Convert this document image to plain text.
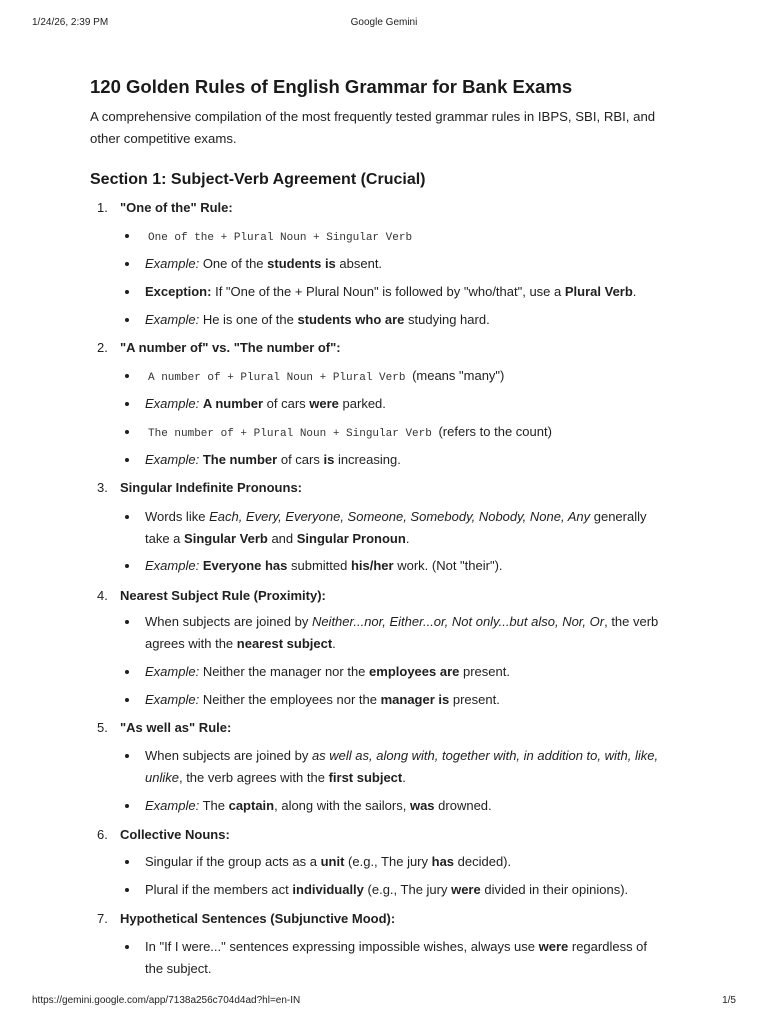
1/24/26, 2:39 PM	Google Gemini
120 Golden Rules of English Grammar for Bank Exams

A comprehensive compilation of the most frequently tested grammar rules in IBPS, SBI, RBI, and other competitive exams.

Section 1: Subject-Verb Agreement (Crucial)
1. "One of the" Rule:
One of the + Plural Noun + Singular Verb
Example: One of the students is absent.
Exception: If "One of the + Plural Noun" is followed by "who/that", use a Plural Verb.
Example: He is one of the students who are studying hard.
2. "A number of" vs. "The number of":
A number of + Plural Noun + Plural Verb (means "many")
Example: A number of cars were parked.
The number of + Plural Noun + Singular Verb (refers to the count)
Example: The number of cars is increasing.
3. Singular Indefinite Pronouns:
Words like Each, Every, Everyone, Someone, Somebody, Nobody, None, Any generally take a Singular Verb and Singular Pronoun.
Example: Everyone has submitted his/her work. (Not "their").
4. Nearest Subject Rule (Proximity):
When subjects are joined by Neither...nor, Either...or, Not only...but also, Nor, Or, the verb agrees with the nearest subject.
Example: Neither the manager nor the employees are present.
Example: Neither the employees nor the manager is present.
5. "As well as" Rule:
When subjects are joined by as well as, along with, together with, in addition to, with, like, unlike, the verb agrees with the first subject.
Example: The captain, along with the sailors, was drowned.
6. Collective Nouns:
Singular if the group acts as a unit (e.g., The jury has decided).
Plural if the members act individually (e.g., The jury were divided in their opinions).
7. Hypothetical Sentences (Subjunctive Mood):
In "If I were..." sentences expressing impossible wishes, always use were regardless of the subject.
https://gemini.google.com/app/7138a256c704d4ad?hl=en-IN	1/5
